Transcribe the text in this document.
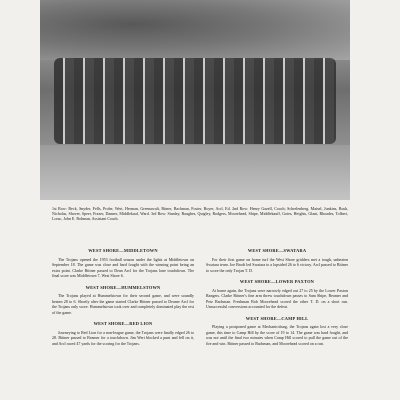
1st Row: Beck, Snyder, Fells, Probe, Wert, Herman, Greenawalt, Bitner, Bachman, Foster, Boyer, Arcl, Ed. 2nd Row: Henry Gazell, Coach; Schrelenberg, Maisel, Junkins, Bush, Nicholas, Shover, Speer, Frazer, Danner, Middlekauf, Ward. 3rd Row: Stanley, Baughes, Quigley, Rodgers, Moorehead, Shipe, Middlekauff, Gotes, Heights, Glant, Rhoades, Tolbert, Lorac, John E. Bohman, Assistant Coach.
WEST SHORE—MIDDLETOWN

The Trojans opened the 1953 football season under the lights at Middletown on September 18. The game was close and hard fought with the winning point being an extra point. Clarke Bittner passed to Dean Arcl for the Trojans lone touchdown. The final score was Middletown 7, West Shore 6.

WEST SHORE—HUMMELSTOWN

The Trojans played at Hummelstown for their second game, and were soundly beaten 28 to 6. Shortly after the game started Clarke Bittner passed to Deaner Arcl for the Trojans only score. Hummelstown took over and completely dominated play the rest of the game.

WEST SHORE—RED LION

Journeying to Red Lion for a non-league game, the Trojans were finally edged 26 to 28. Bittner passed to Beamer for a touchdown. Jim Wert blocked a punt and fell on it, and Arcl raced 47 yards for the scoring for the Trojans.

WEST SHORE—SWATARA

For their first game on home turf the West Shore gridders met a tough, unbeaten Swatara team. Joe Brodt led Swatara to a lopsided 26 to 6 victory. Arcl passed to Bittner to score the only Trojan T. D.

WEST SHORE—LOWER PAXTON

At home again, the Trojans were narrowly edged out 27 to 25 by the Lower Paxton Rangers. Clarke Bittner's fine arm threw touchdown passes to Sam Shipe, Beamer and Petz Bachman. Freshman Bob Moorehead scored the other T. D. on a short run. Unsuccessful conversions accounted for the defeat.

WEST SHORE—CAMP HILL

Playing a postponed game at Mechanicsburg, the Trojans again lost a very close game, this time to Camp Hill by the score of 19 to 14. The game was hard fought, and was not until the final two minutes when Camp Hill scored to pull the game out of the fire and win. Bittner passed to Bachman, and Moorehead scored on a run.
